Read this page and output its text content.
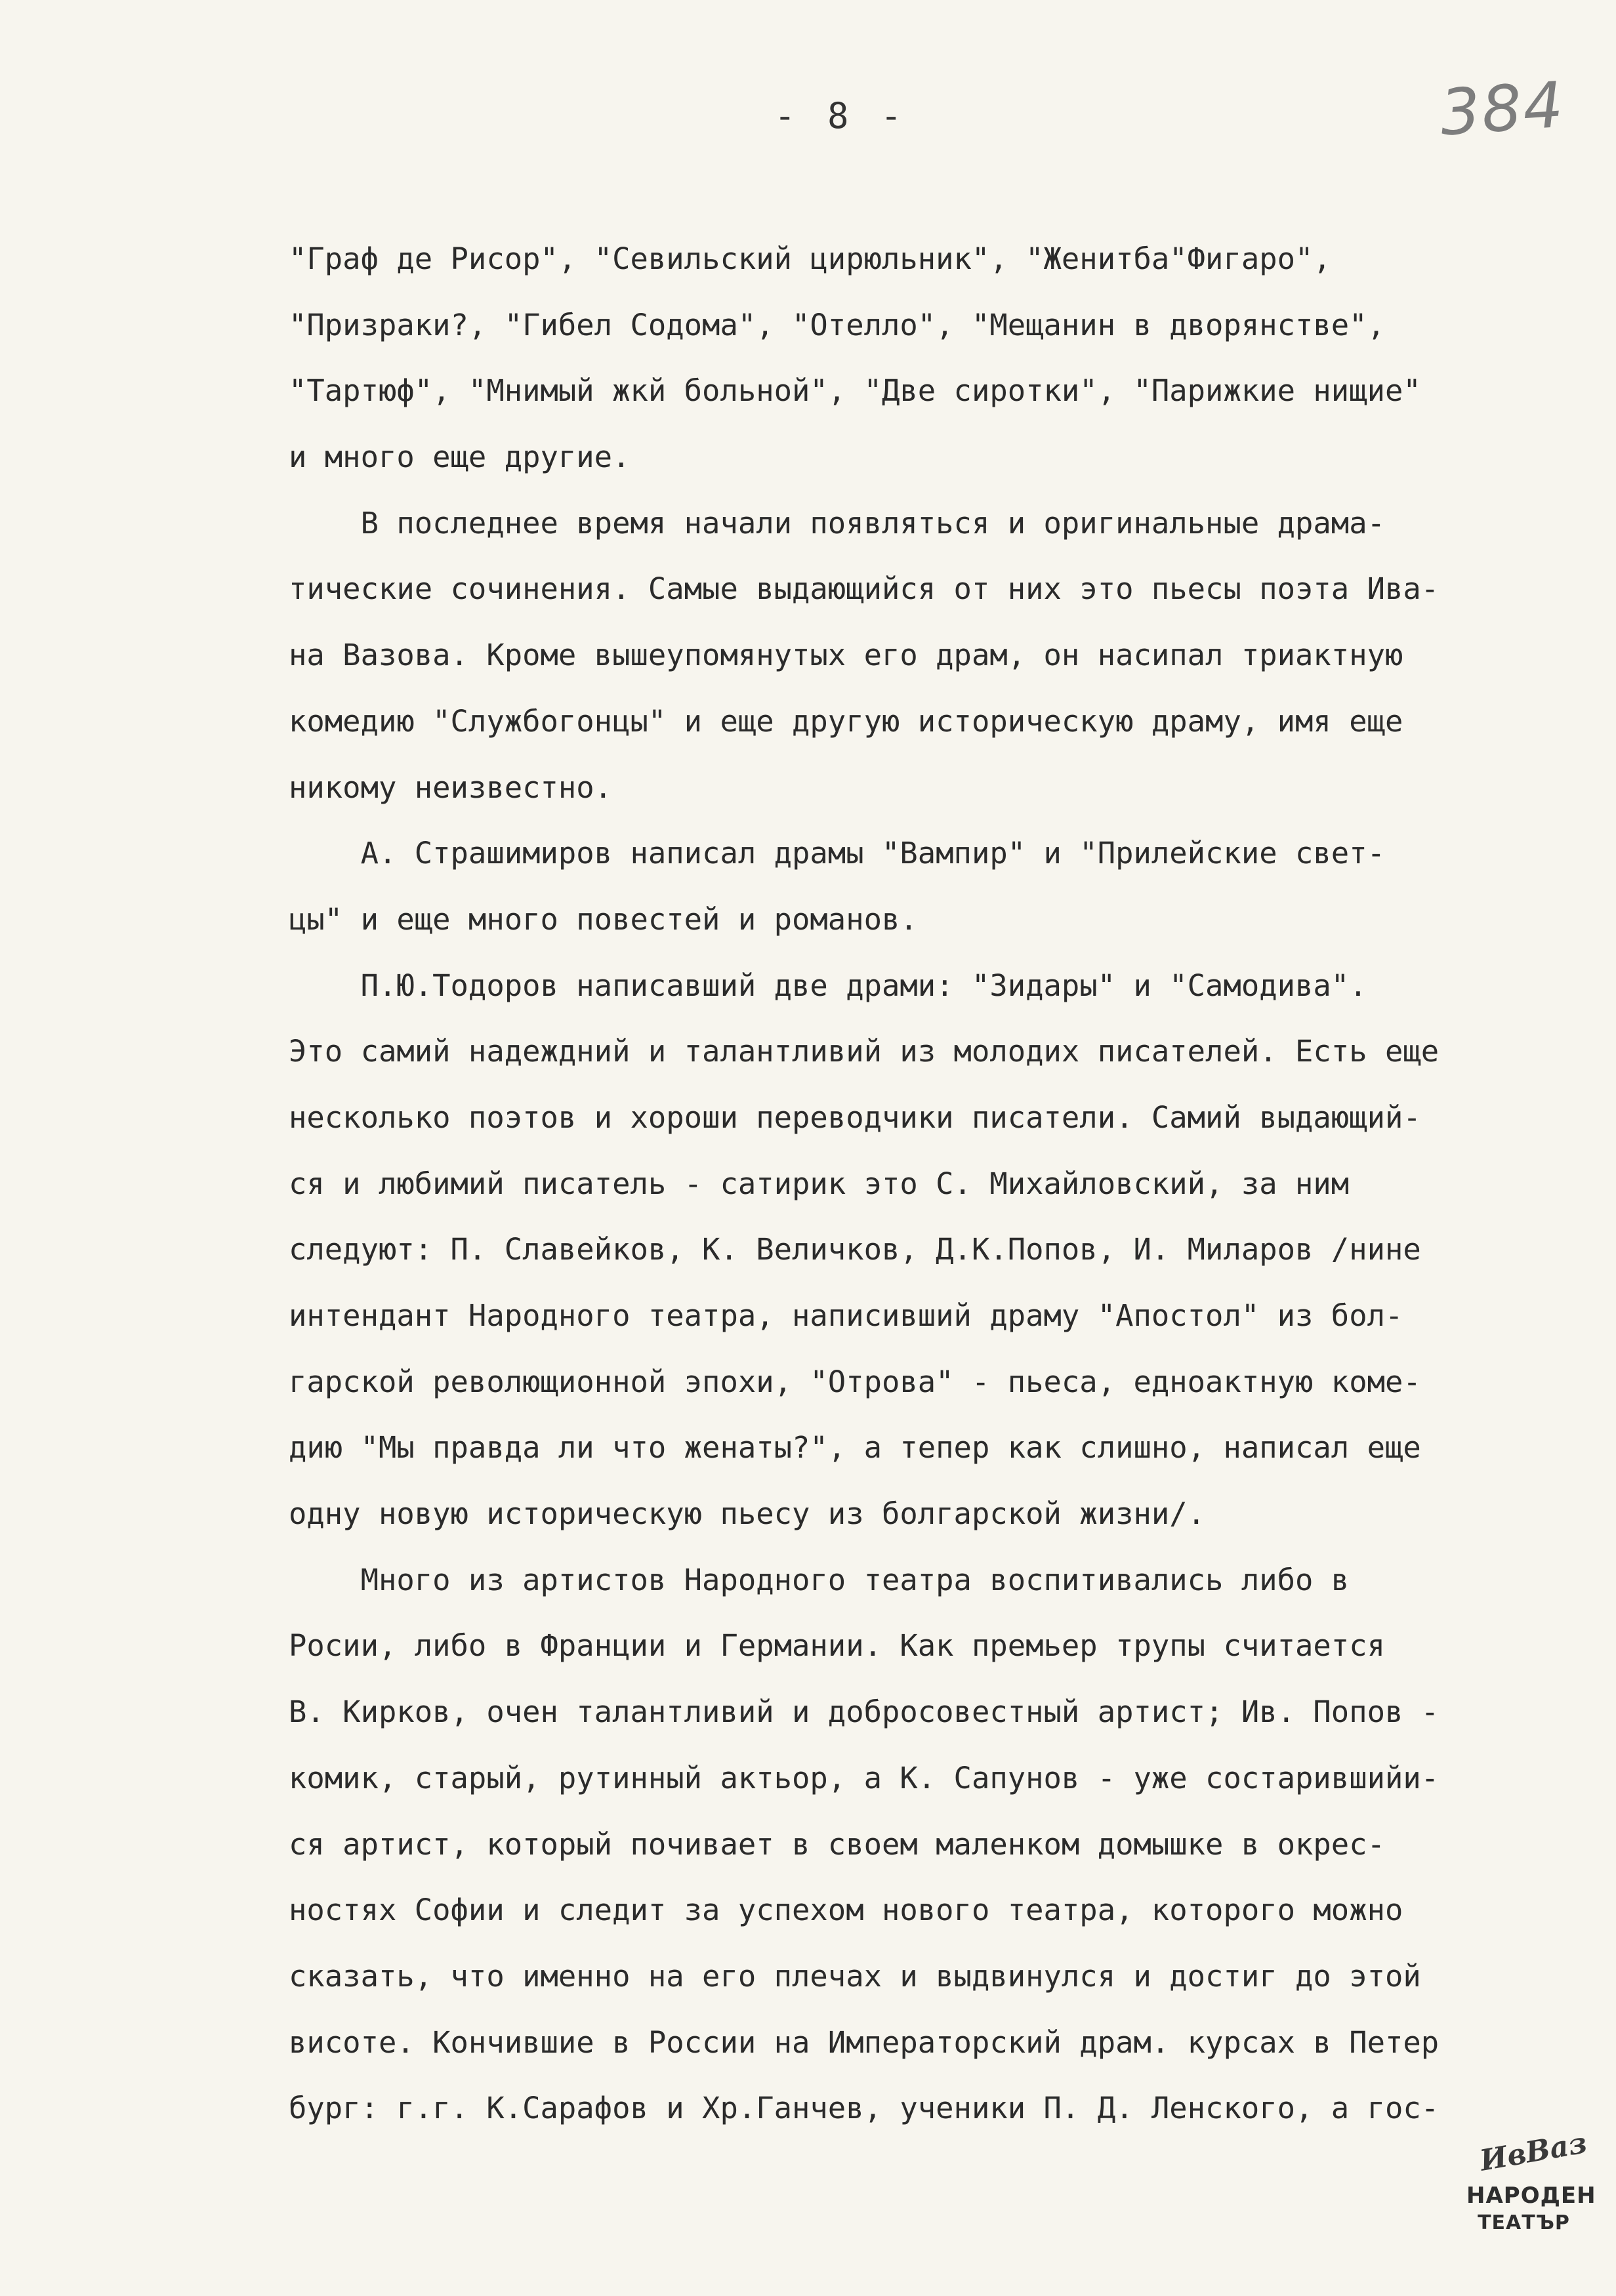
- 8 -	384
"Граф де Рисор", "Севильский цирюльник", "Женитба"Фигаро",
"Призраки?, "Гибел Содома", "Отелло", "Мещанин в дворянстве",
"Тартюф", "Мнимый жкй больной", "Две сиротки", "Парижкие нищие"
и много еще другие.
В последнее время начали появляться и оригинальные драма-
тические сочинения. Самые выдающийся от них это пьесы поэта Ива-
на Вазова. Кроме вышеупомянутых его драм, он насипал триактную
комедию "Службогонцы" и еще другую историческую драму, имя еще
никому неизвестно.
А. Страшимиров написал драмы "Вампир" и "Прилейские свет-
цы" и еще много повестей и романов.
П.Ю.Тодоров написавший две драми: "Зидары" и "Самодива".
Это самий надеждний и талантливий из молодих писателей. Есть еще
несколько поэтов и хороши переводчики писатели. Самий выдающий-
ся и любимий писатель - сатирик это С. Михайловский, за ним
следуют: П. Славейков, К. Величков, Д.К.Попов, И. Миларов /нине
интендант Народного театра, написивший драму "Апостол" из бол-
гарской револющионной эпохи, "Отрова" - пьеса, едноактную коме-
дию "Мы правда ли что женаты?", а тепер как слишно, написал еще
одну новую историческую пьесу из болгарской жизни/.
Много из артистов Народного театра воспитивались либо в
Росии, либо в Франции и Германии. Как премьер трупы считается
В. Кирков, очен талантливий и добросовестный артист; Ив. Попов -
комик, старый, рутинный актьор, а К. Сапунов - уже состарившийи-
ся артист, который почивает в своем маленком домышке в окрес-
ностях Софии и следит за успехом нового театра, которого можно
сказать, что именно на его плечах и выдвинулся и достиг до этой
висоте. Кончившие в России на Императорский драм. курсах в Петер
бург: г.г. К.Сарафов и Хр.Ганчев, ученики П. Д. Ленского, а гос-
ИвВаз
НАРОДЕН
ТЕАТЪР
